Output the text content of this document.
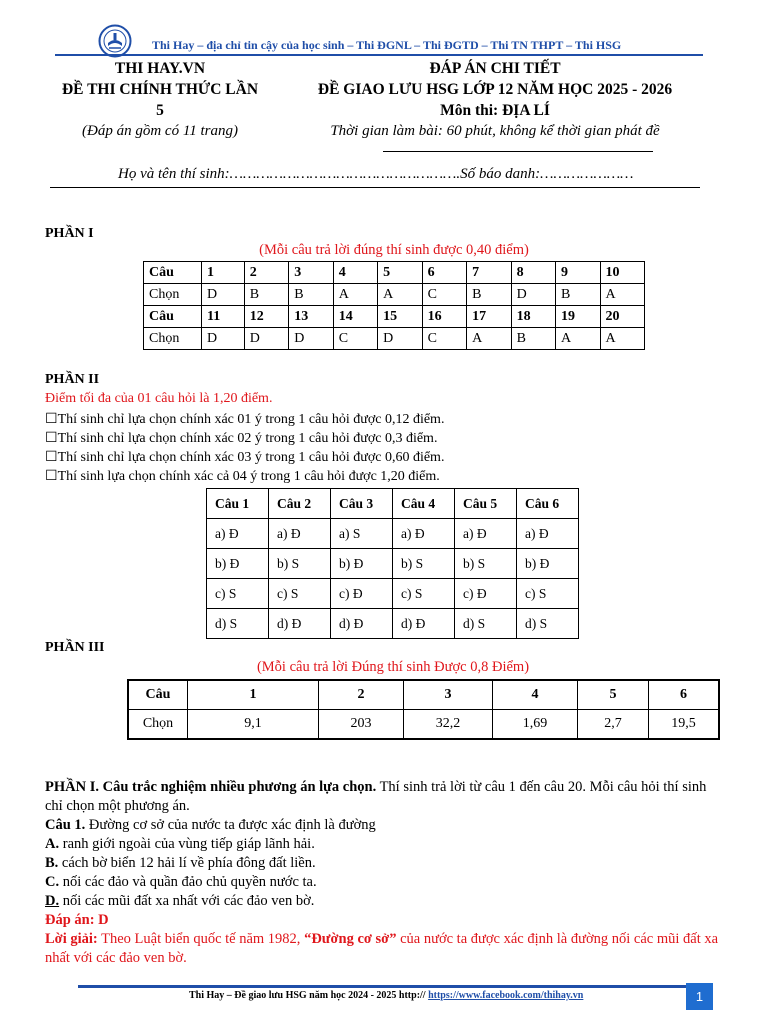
Thi Hay – địa chỉ tin cậy của học sinh – Thi ĐGNL – Thi ĐGTD – Thi TN THPT – Thi HSG
THI HAY.VN
ĐỀ THI CHÍNH THỨC LẦN
5
(Đáp án gồm có 11 trang)
ĐÁP ÁN CHI TIẾT
ĐỀ GIAO LƯU HSG LỚP 12 NĂM HỌC 2025 - 2026
Môn thi: ĐỊA LÍ
Thời gian làm bài: 60 phút, không kể thời gian phát đề
Họ và tên thí sinh:…………………………………………….Số báo danh:…………………
PHẦN I
(Mỗi câu trả lời đúng thí sinh được 0,40 điểm)
Câu	1	2	3	4	5	6	7	8	9	10
Chọn	D	B	B	A	A	C	B	D	B	A
Câu	11	12	13	14	15	16	17	18	19	20
Chọn	D	D	D	C	D	C	A	B	A	A
PHẦN II
Điểm tối đa của 01 câu hỏi là 1,20 điểm.
☐Thí sinh chỉ lựa chọn chính xác 01 ý trong 1 câu hỏi được 0,12 điểm.
☐Thí sinh chỉ lựa chọn chính xác 02 ý trong 1 câu hỏi được 0,3 điểm.
☐Thí sinh chỉ lựa chọn chính xác 03 ý trong 1 câu hỏi được 0,60 điểm.
☐Thí sinh lựa chọn chính xác cả 04 ý trong 1 câu hỏi được 1,20 điểm.
Câu 1	Câu 2	Câu 3	Câu 4	Câu 5	Câu 6
a) Đ	a) Đ	a) S	a) Đ	a) Đ	a) Đ
b) Đ	b) S	b) Đ	b) S	b) S	b) Đ
c) S	c) S	c) Đ	c) S	c) Đ	c) S
d) S	d) Đ	d) Đ	d) Đ	d) S	d) S
PHẦN III
(Mỗi câu trả lời Đúng thí sinh Được 0,8 Điểm)
Câu	1	2	3	4	5	6
Chọn	9,1	203	32,2	1,69	2,7	19,5
PHẦN I. Câu trắc nghiệm nhiều phương án lựa chọn. Thí sinh trả lời từ câu 1 đến câu 20. Mỗi câu hỏi thí sinh
chỉ chọn một phương án.
Câu 1. Đường cơ sở của nước ta được xác định là đường
A. ranh giới ngoài của vùng tiếp giáp lãnh hải.
B. cách bờ biển 12 hải lí về phía đông đất liền.
C. nối các đảo và quần đảo chủ quyền nước ta.
D. nối các mũi đất xa nhất với các đảo ven bờ.
Đáp án: D
Lời giải: Theo Luật biển quốc tế năm 1982, “Đường cơ sở” của nước ta được xác định là đường nối các mũi đất xa
nhất với các đảo ven bờ.
Thi Hay – Đề giao lưu HSG năm học 2024 - 2025 http:// https://www.facebook.com/thihay.vn	1
